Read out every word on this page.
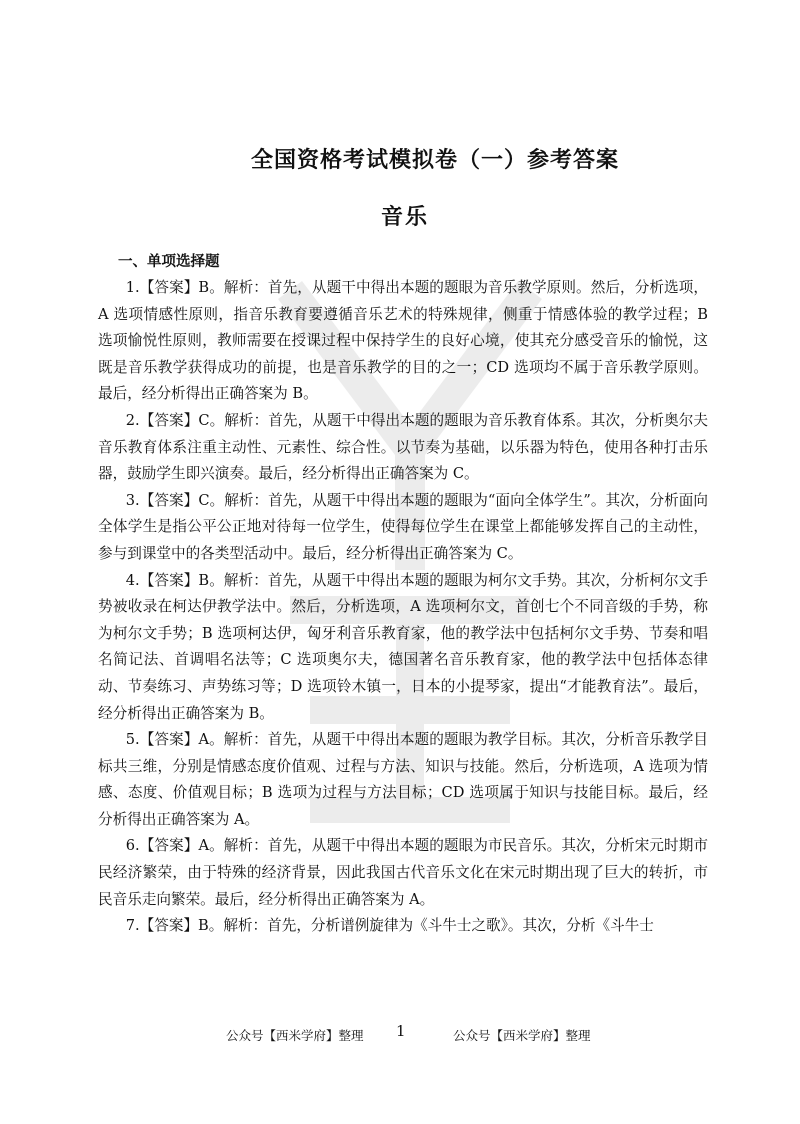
全国资格考试模拟卷（一）参考答案
音乐
一、单项选择题

1.【答案】B。解析：首先，从题干中得出本题的题眼为音乐教学原则。然后，分析选项，A 选项情感性原则，指音乐教育要遵循音乐艺术的特殊规律，侧重于情感体验的教学过程；B 选项愉悦性原则，教师需要在授课过程中保持学生的良好心境，使其充分感受音乐的愉悦，这既是音乐教学获得成功的前提，也是音乐教学的目的之一；CD 选项均不属于音乐教学原则。最后，经分析得出正确答案为 B。

2.【答案】C。解析：首先，从题干中得出本题的题眼为音乐教育体系。其次，分析奥尔夫音乐教育体系注重主动性、元素性、综合性。以节奏为基础，以乐器为特色，使用各种打击乐器，鼓励学生即兴演奏。最后，经分析得出正确答案为 C。

3.【答案】C。解析：首先，从题干中得出本题的题眼为“面向全体学生”。其次，分析面向全体学生是指公平公正地对待每一位学生，使得每位学生在课堂上都能够发挥自己的主动性，参与到课堂中的各类型活动中。最后，经分析得出正确答案为 C。

4.【答案】B。解析：首先，从题干中得出本题的题眼为柯尔文手势。其次，分析柯尔文手势被收录在柯达伊教学法中。然后，分析选项，A 选项柯尔文，首创七个不同音级的手势，称为柯尔文手势；B 选项柯达伊，匈牙利音乐教育家，他的教学法中包括柯尔文手势、节奏和唱名简记法、首调唱名法等；C 选项奥尔夫，德国著名音乐教育家，他的教学法中包括体态律动、节奏练习、声势练习等；D 选项铃木镇一，日本的小提琴家，提出“才能教育法”。最后，经分析得出正确答案为 B。

5.【答案】A。解析：首先，从题干中得出本题的题眼为教学目标。其次，分析音乐教学目标共三维，分别是情感态度价值观、过程与方法、知识与技能。然后，分析选项，A 选项为情感、态度、价值观目标；B 选项为过程与方法目标；CD 选项属于知识与技能目标。最后，经分析得出正确答案为 A。

6.【答案】A。解析：首先，从题干中得出本题的题眼为市民音乐。其次，分析宋元时期市民经济繁荣，由于特殊的经济背景，因此我国古代音乐文化在宋元时期出现了巨大的转折，市民音乐走向繁荣。最后，经分析得出正确答案为 A。

7.【答案】B。解析：首先，分析谱例旋律为《斗牛士之歌》。其次，分析《斗牛士

公众号【西米学府】整理 1	公众号【西米学府】整理
